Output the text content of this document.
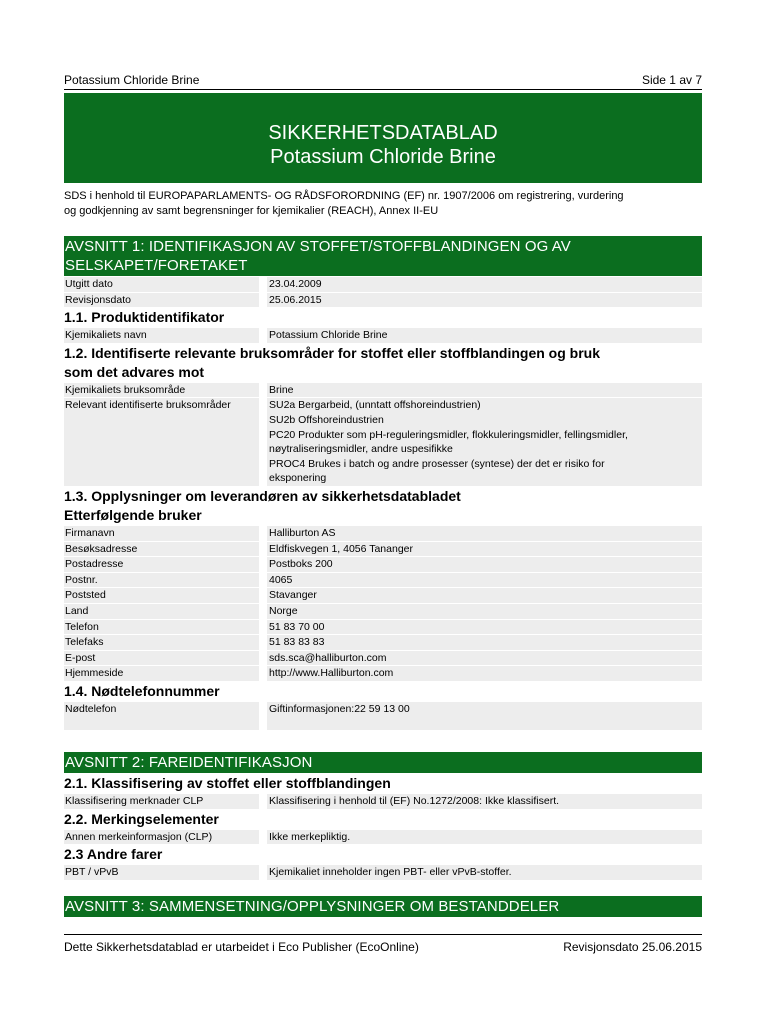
Potassium Chloride Brine	Side 1 av 7
SIKKERHETSDATABLAD
Potassium Chloride Brine
SDS i henhold til EUROPAPARLAMENTS- OG RÅDSFORORDNING (EF) nr. 1907/2006 om registrering, vurdering
og godkjenning av samt begrensninger for kjemikalier (REACH), Annex II-EU
AVSNITT 1: IDENTIFIKASJON AV STOFFET/STOFFBLANDINGEN OG AV
SELSKAPET/FORETAKET
Utgitt dato	23.04.2009
Revisjonsdato	25.06.2015
1.1. Produktidentifikator
Kjemikaliets navn	Potassium Chloride Brine
1.2. Identifiserte relevante bruksområder for stoffet eller stoffblandingen og bruk
som det advares mot
Kjemikaliets bruksområde	Brine
Relevant identifiserte bruksområder	SU2a Bergarbeid, (unntatt offshoreindustrien)
SU2b Offshoreindustrien
PC20 Produkter som pH-reguleringsmidler, flokkuleringsmidler, fellingsmidler,
nøytraliseringsmidler, andre uspesifikke
PROC4 Brukes i batch og andre prosesser (syntese) der det er risiko for
eksponering
1.3. Opplysninger om leverandøren av sikkerhetsdatabladet
Etterfølgende bruker
Firmanavn	Halliburton AS
Besøksadresse	Eldfiskvegen 1, 4056 Tananger
Postadresse	Postboks 200
Postnr.	4065
Poststed	Stavanger
Land	Norge
Telefon	51 83 70 00
Telefaks	51 83 83 83
E-post	sds.sca@halliburton.com
Hjemmeside	http://www.Halliburton.com
1.4. Nødtelefonnummer
Nødtelefon	Giftinformasjonen:22 59 13 00
AVSNITT 2: FAREIDENTIFIKASJON
2.1. Klassifisering av stoffet eller stoffblandingen
Klassifisering merknader CLP	Klassifisering i henhold til (EF) No.1272/2008: Ikke klassifisert.
2.2. Merkingselementer
Annen merkeinformasjon (CLP)	Ikke merkepliktig.
2.3 Andre farer
PBT / vPvB	Kjemikaliet inneholder ingen PBT- eller vPvB-stoffer.
AVSNITT 3: SAMMENSETNING/OPPLYSNINGER OM BESTANDDELER
Dette Sikkerhetsdatablad er utarbeidet i Eco Publisher (EcoOnline)	Revisjonsdato 25.06.2015
